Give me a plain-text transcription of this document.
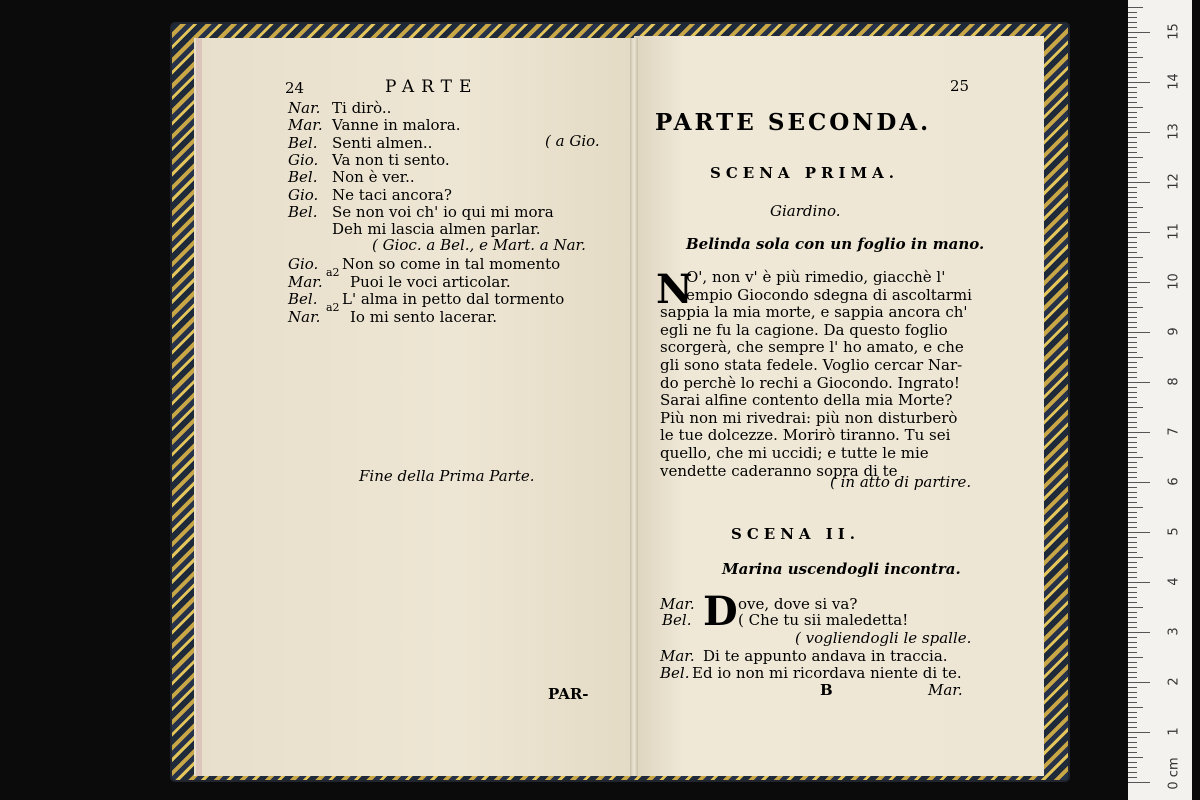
24	PARTE
Nar. Ti dirò..
Mar. Vanne in malora.
Bel. Senti almen..
Gio. Va non ti sento.
Bel. Non è ver..
Gio. Ne taci ancora?
Bel. Se non voi ch' io qui mi mora
Deh mi lascia almen parlar.
( a Gio.
( Gioc. a Bel., e Mart. a Nar.
Gio. Non so come in tal momento
Mar. Puoi le voci articolar.
Bel. L' alma in petto dal tormento
Nar. Io mi sento lacerar.
a2
a2
Fine della Prima Parte.
PAR-
25
PARTE SECONDA.
SCENA PRIMA.
Giardino.
Belinda sola con un foglio in mano.
N
O', non v' è più rimedio, giacchè l'
empio Giocondo sdegna di ascoltarmi
sappia la mia morte, e sappia ancora ch'
egli ne fu la cagione. Da questo foglio
scorgerà, che sempre l' ho amato, e che
gli sono stata fedele. Voglio cercar Nar-
do perchè lo rechi a Giocondo. Ingrato!
Sarai alfine contento della mia Morte?
Più non mi rivedrai: più non disturberò
le tue dolcezze. Morirò tiranno. Tu sei
quello, che mi uccidi; e tutte le mie
vendette caderanno sopra di te
( in atto di partire.
SCENA II.
Marina uscendogli incontra.
D
Mar.	ove, dove si va?
Bel.	( Che tu sii maledetta!
( vogliendogli le spalle.
Mar. Di te appunto andava in traccia.
Bel. Ed io non mi ricordava niente di te.
B	Mar.
1
2
3
4
5
6
7
8
9
10
11
12
13
14
15
0 cm
